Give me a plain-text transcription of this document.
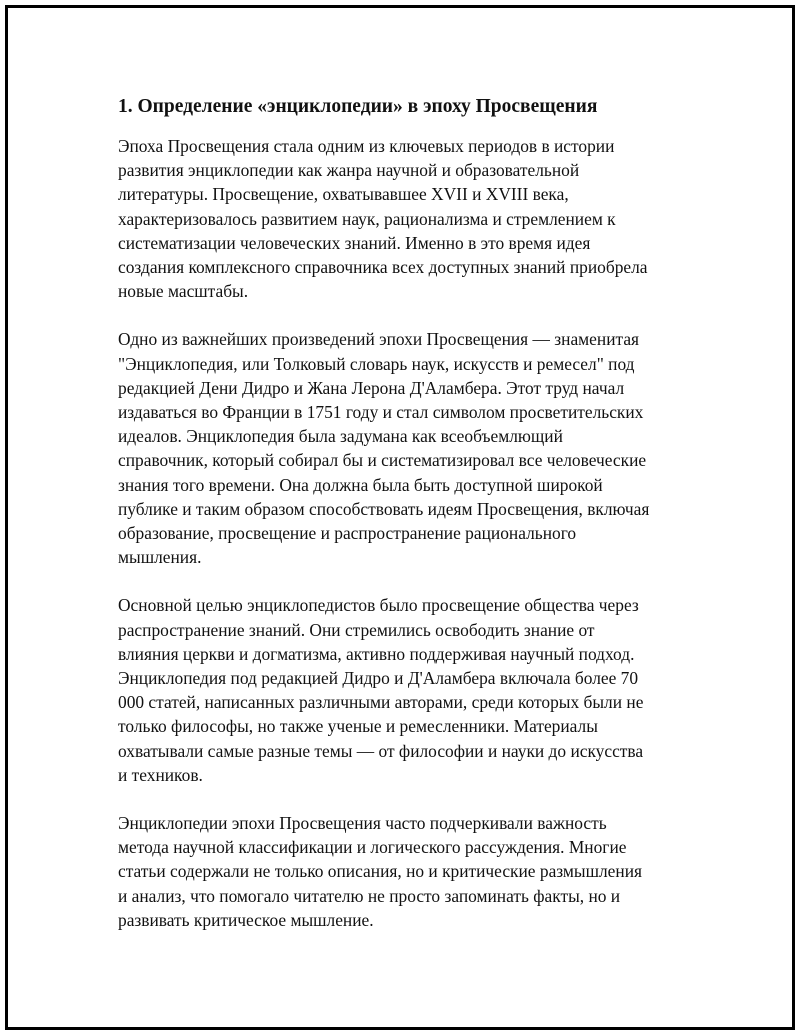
1. Определение «энциклопедии» в эпоху Просвещения

Эпоха Просвещения стала одним из ключевых периодов в истории
развития энциклопедии как жанра научной и образовательной
литературы. Просвещение, охватывавшее XVII и XVIII века,
характеризовалось развитием наук, рационализма и стремлением к
систематизации человеческих знаний. Именно в это время идея
создания комплексного справочника всех доступных знаний приобрела
новые масштабы.

Одно из важнейших произведений эпохи Просвещения — знаменитая
"Энциклопедия, или Толковый словарь наук, искусств и ремесел" под
редакцией Дени Дидро и Жана Лерона Д'Аламбера. Этот труд начал
издаваться во Франции в 1751 году и стал символом просветительских
идеалов. Энциклопедия была задумана как всеобъемлющий
справочник, который собирал бы и систематизировал все человеческие
знания того времени. Она должна была быть доступной широкой
публике и таким образом способствовать идеям Просвещения, включая
образование, просвещение и распространение рационального
мышления.

Основной целью энциклопедистов было просвещение общества через
распространение знаний. Они стремились освободить знание от
влияния церкви и догматизма, активно поддерживая научный подход.
Энциклопедия под редакцией Дидро и Д'Аламбера включала более 70
000 статей, написанных различными авторами, среди которых были не
только философы, но также ученые и ремесленники. Материалы
охватывали самые разные темы — от философии и науки до искусства
и техников.

Энциклопедии эпохи Просвещения часто подчеркивали важность
метода научной классификации и логического рассуждения. Многие
статьи содержали не только описания, но и критические размышления
и анализ, что помогало читателю не просто запоминать факты, но и
развивать критическое мышление.
